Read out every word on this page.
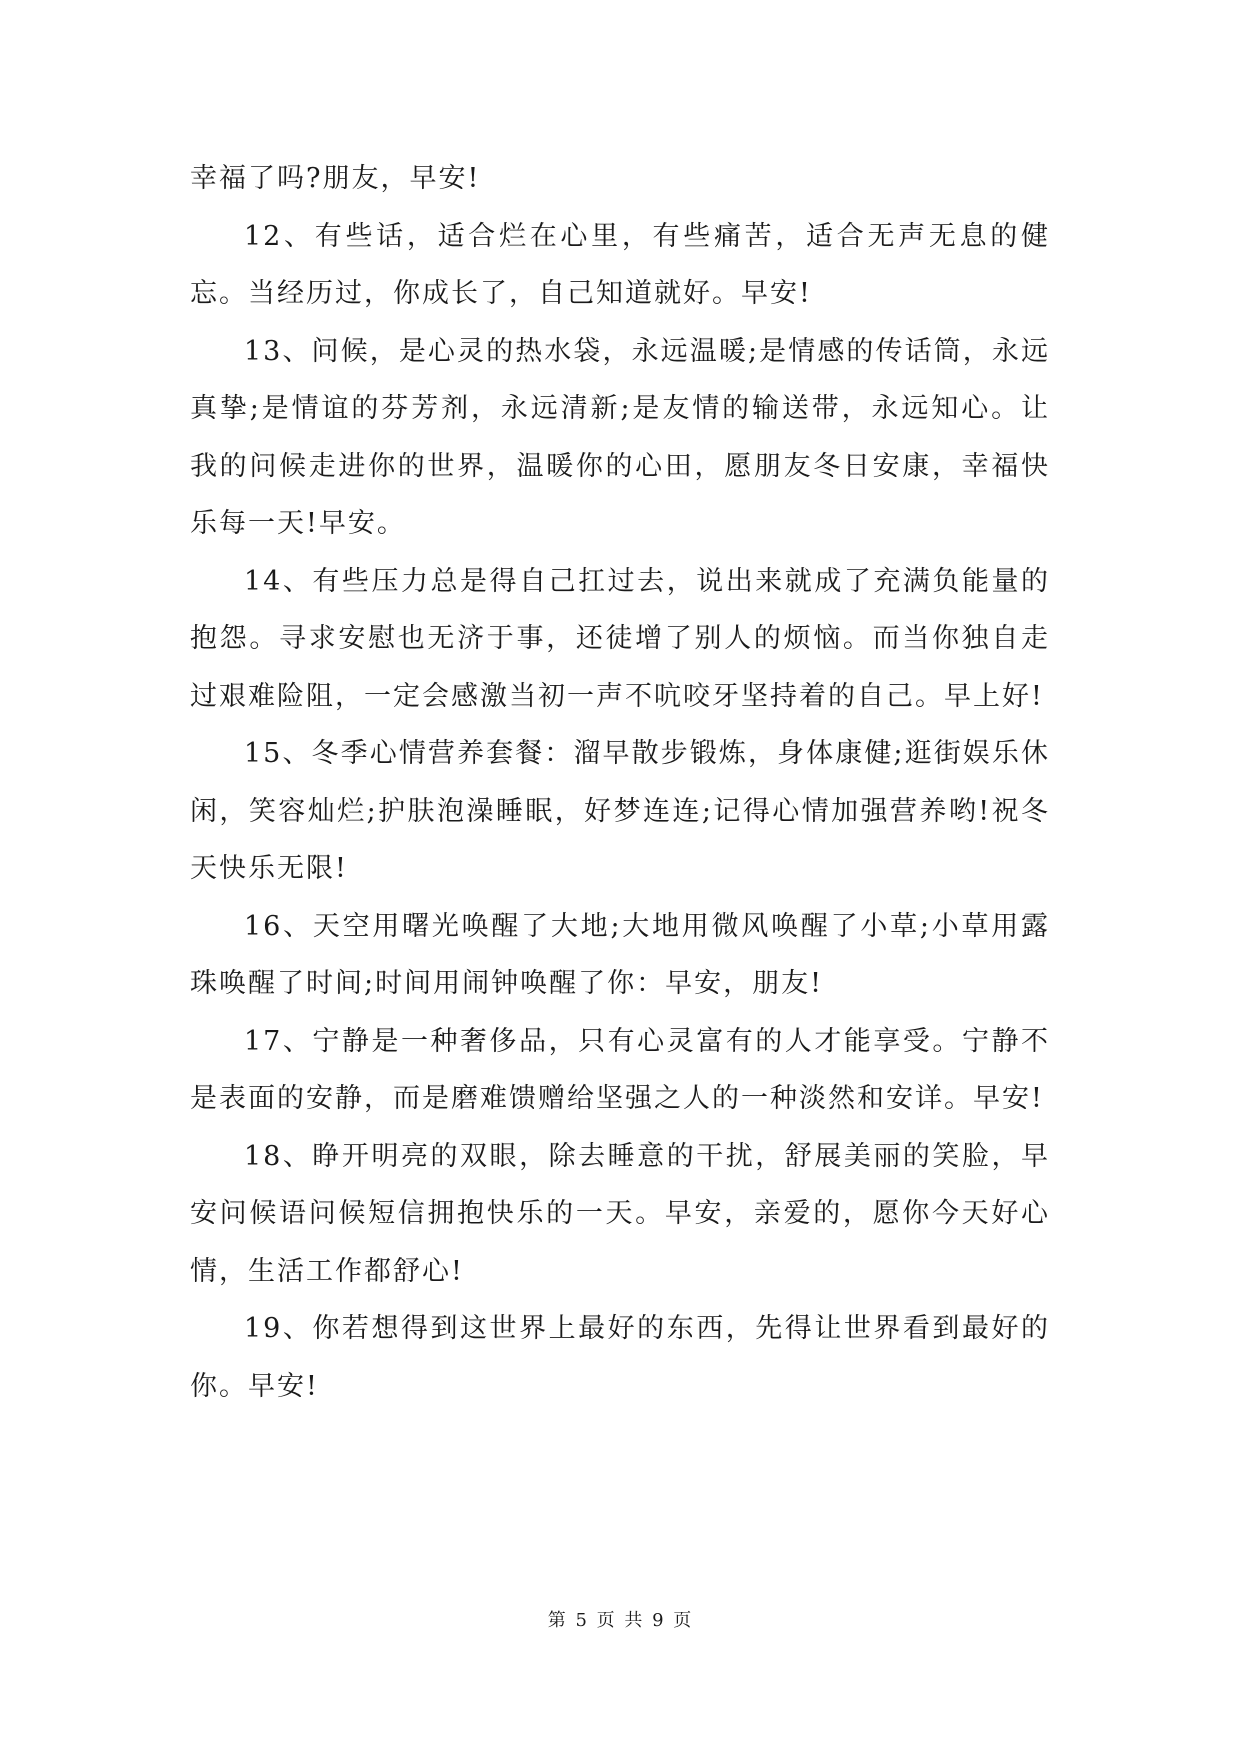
幸福了吗?朋友，早安!

12、有些话，适合烂在心里，有些痛苦，适合无声无息的健忘。当经历过，你成长了，自己知道就好。早安!

13、问候，是心灵的热水袋，永远温暖;是情感的传话筒，永远真挚;是情谊的芬芳剂，永远清新;是友情的输送带，永远知心。让我的问候走进你的世界，温暖你的心田，愿朋友冬日安康，幸福快乐每一天!早安。

14、有些压力总是得自己扛过去，说出来就成了充满负能量的抱怨。寻求安慰也无济于事，还徒增了别人的烦恼。而当你独自走过艰难险阻，一定会感激当初一声不吭咬牙坚持着的自己。早上好!

15、冬季心情营养套餐：溜早散步锻炼，身体康健;逛街娱乐休闲，笑容灿烂;护肤泡澡睡眠，好梦连连;记得心情加强营养哟!祝冬天快乐无限!

16、天空用曙光唤醒了大地;大地用微风唤醒了小草;小草用露珠唤醒了时间;时间用闹钟唤醒了你：早安，朋友!

17、宁静是一种奢侈品，只有心灵富有的人才能享受。宁静不是表面的安静，而是磨难馈赠给坚强之人的一种淡然和安详。早安!

18、睁开明亮的双眼，除去睡意的干扰，舒展美丽的笑脸，早安问候语问候短信拥抱快乐的一天。早安，亲爱的，愿你今天好心情，生活工作都舒心!

19、你若想得到这世界上最好的东西，先得让世界看到最好的你。早安!

第 5 页 共 9 页
